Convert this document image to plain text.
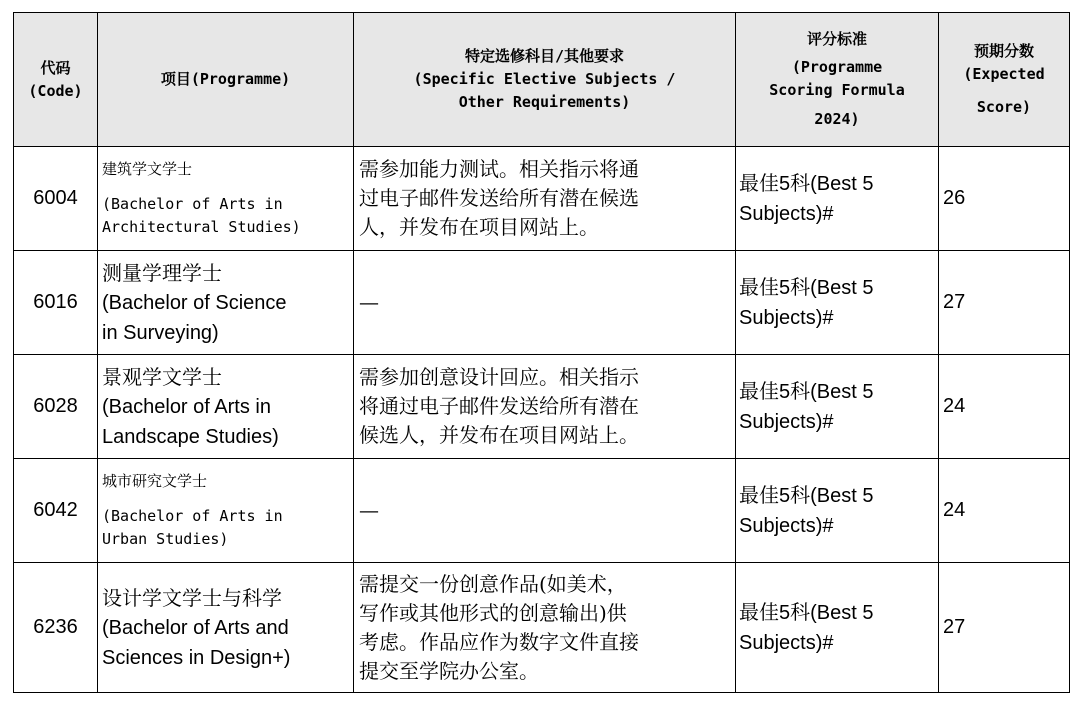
代码
(Code)	项目(Programme)	特定选修科目/其他要求
(Specific Elective Subjects /
Other Requirements)	评分标准
(Programme
Scoring Formula
2024)	预期分数
(Expected
Score)

6004	建筑学文学士
(Bachelor of Arts in
Architectural Studies)	需参加能力测试。相关指示将通
过电子邮件发送给所有潜在候选
人，并发布在项目网站上。	最佳5科(Best 5
Subjects)#	26
6016	测量学理学士
(Bachelor of Science
in Surveying)	—	最佳5科(Best 5
Subjects)#	27
6028	景观学文学士
(Bachelor of Arts in
Landscape Studies)	需参加创意设计回应。相关指示
将通过电子邮件发送给所有潜在
候选人，并发布在项目网站上。	最佳5科(Best 5
Subjects)#	24
6042	城市研究文学士
(Bachelor of Arts in
Urban Studies)	—	最佳5科(Best 5
Subjects)#	24
6236	设计学文学士与科学
(Bachelor of Arts and
Sciences in Design+)	需提交一份创意作品(如美术，
写作或其他形式的创意输出)供
考虑。作品应作为数字文件直接
提交至学院办公室。	最佳5科(Best 5
Subjects)#	27
